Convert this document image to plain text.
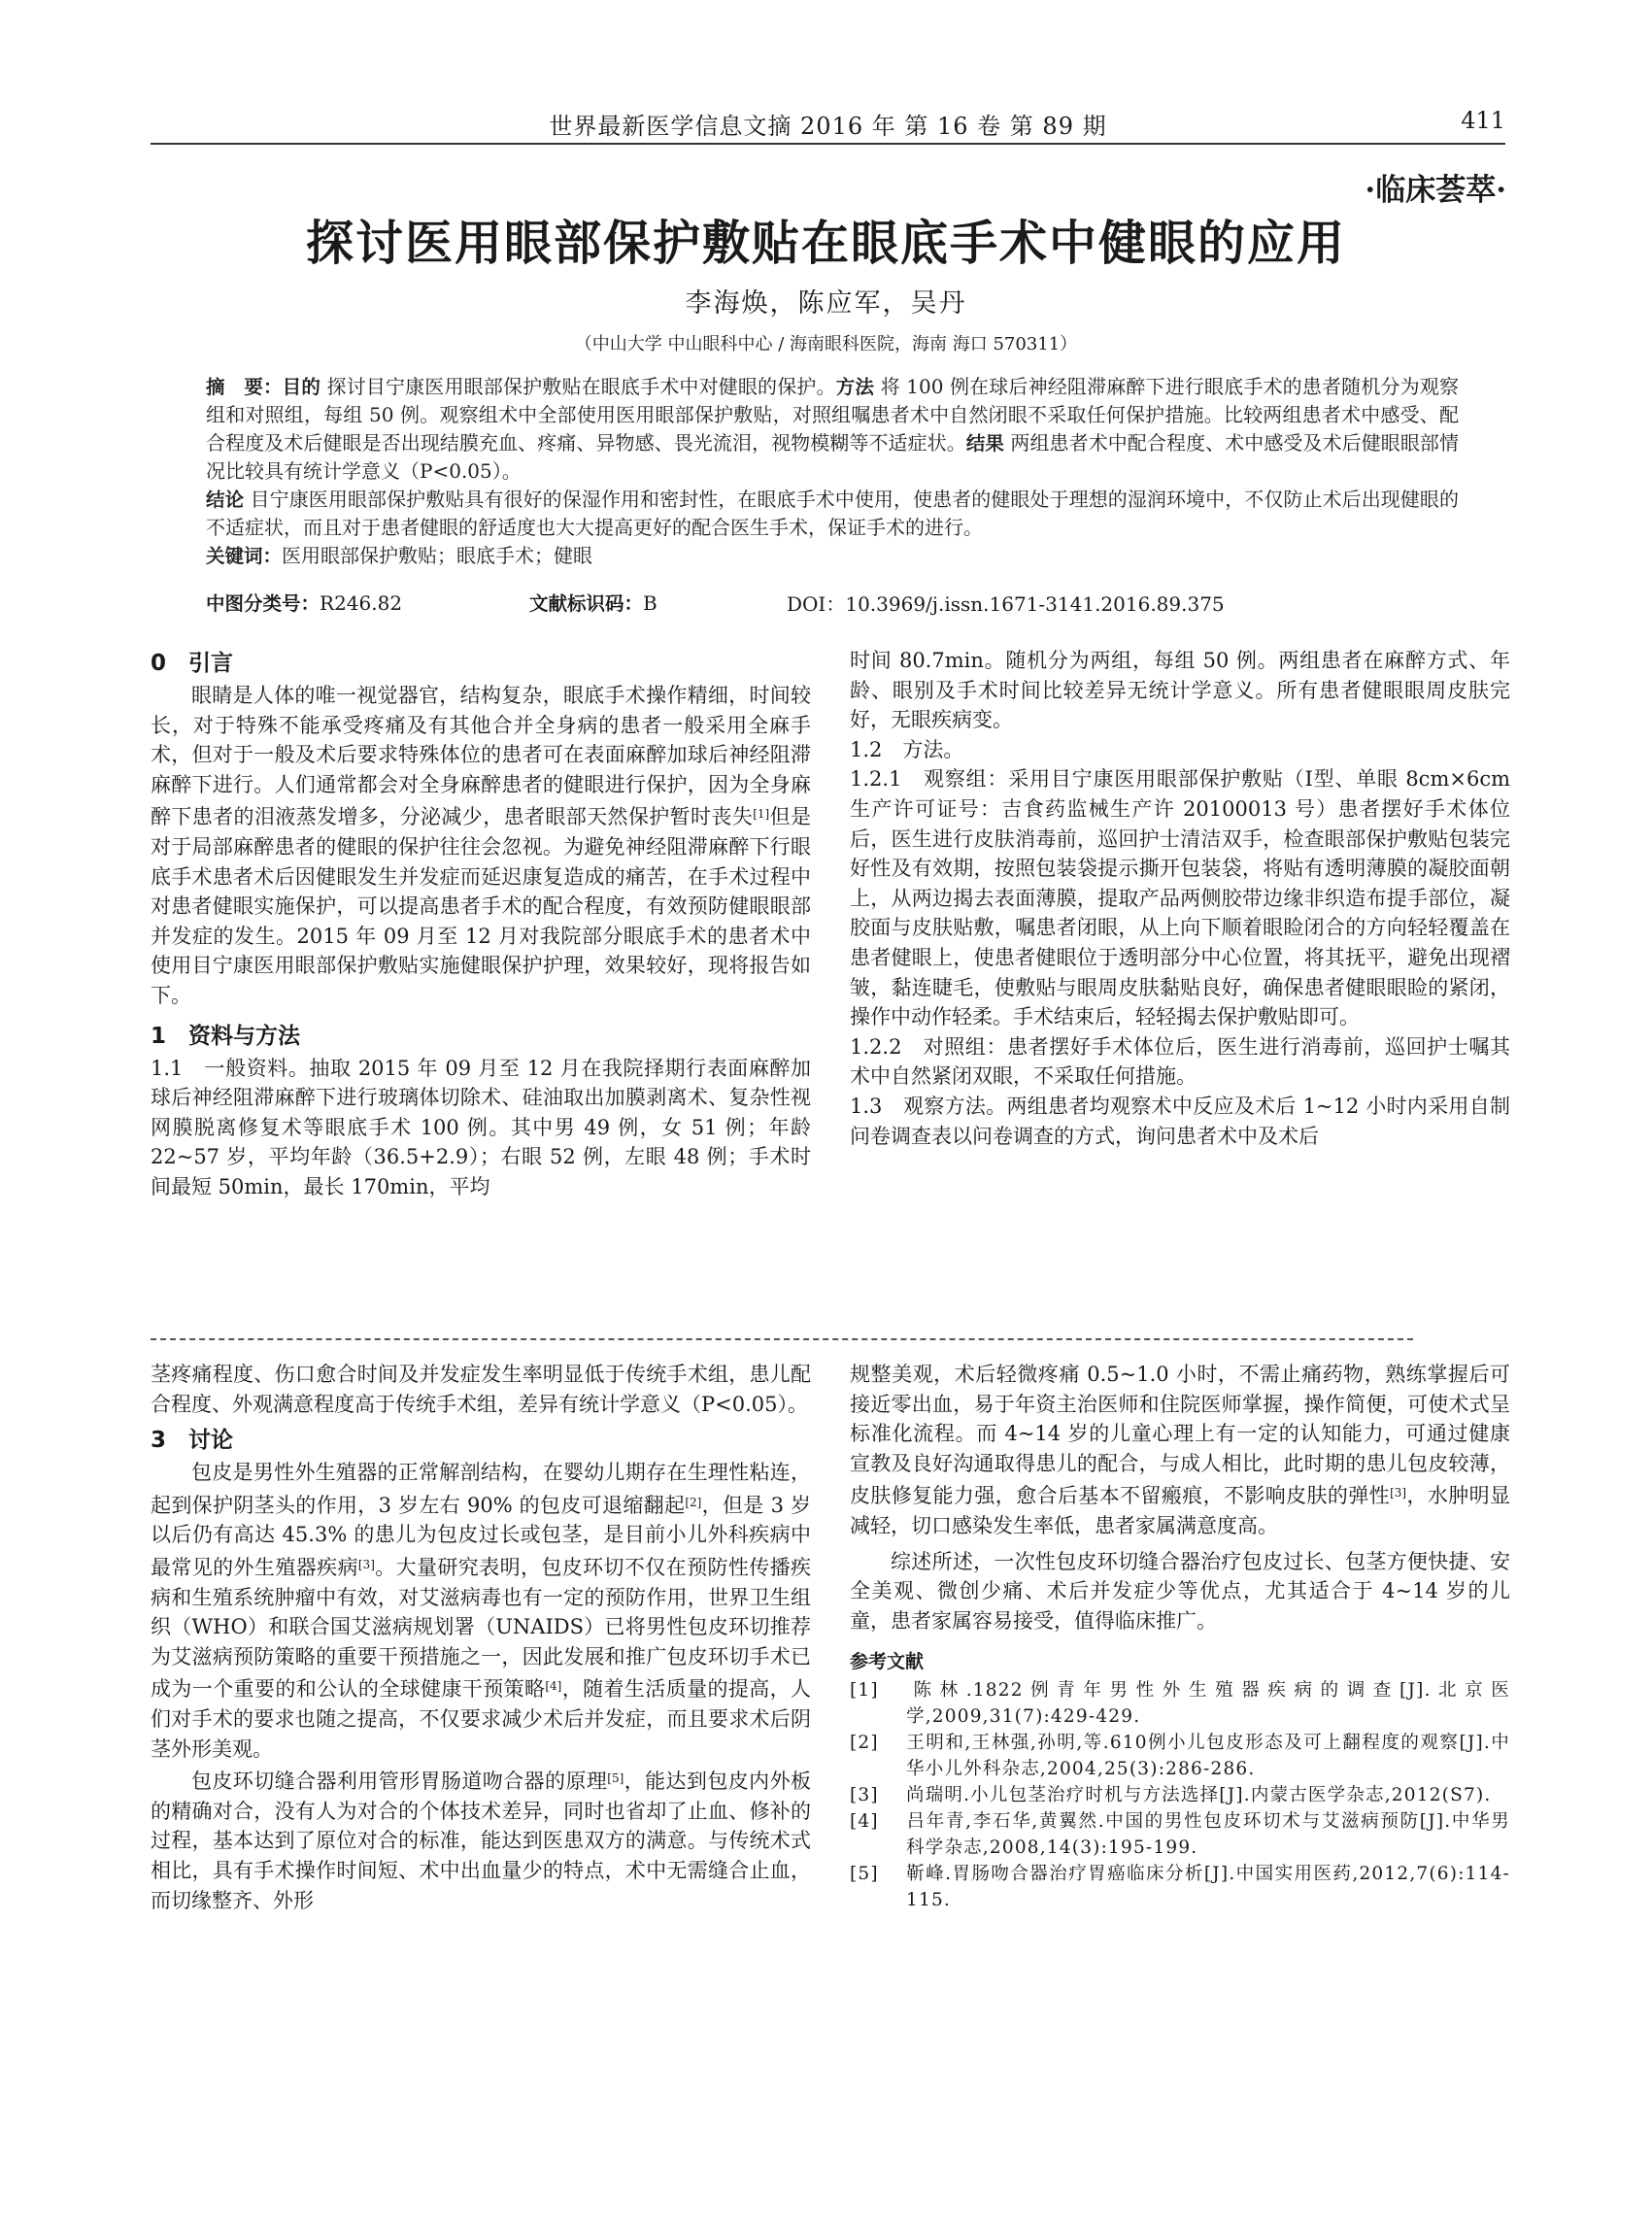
世界最新医学信息文摘 2016 年 第 16 卷 第 89 期	411
·临床荟萃·
探讨医用眼部保护敷贴在眼底手术中健眼的应用
李海焕，陈应军，吴丹
（中山大学 中山眼科中心 / 海南眼科医院，海南 海口 570311）

摘　要：目的 探讨目宁康医用眼部保护敷贴在眼底手术中对健眼的保护。方法 将 100 例在球后神经阻滞麻醉下进行眼底手术的患者随机分为观察组和对照组，每组 50 例。观察组术中全部使用医用眼部保护敷贴，对照组嘱患者术中自然闭眼不采取任何保护措施。比较两组患者术中感受、配合程度及术后健眼是否出现结膜充血、疼痛、异物感、畏光流泪，视物模糊等不适症状。结果 两组患者术中配合程度、术中感受及术后健眼眼部情况比较具有统计学意义（P<0.05）。

结论 目宁康医用眼部保护敷贴具有很好的保湿作用和密封性，在眼底手术中使用，使患者的健眼处于理想的湿润环境中，不仅防止术后出现健眼的不适症状，而且对于患者健眼的舒适度也大大提高更好的配合医生手术，保证手术的进行。

关键词：医用眼部保护敷贴；眼底手术；健眼

中图分类号：R246.82	文献标识码：B	DOI：10.3969/j.issn.1671-3141.2016.89.375
0　引言

眼睛是人体的唯一视觉器官，结构复杂，眼底手术操作精细，时间较长，对于特殊不能承受疼痛及有其他合并全身病的患者一般采用全麻手术，但对于一般及术后要求特殊体位的患者可在表面麻醉加球后神经阻滞麻醉下进行。人们通常都会对全身麻醉患者的健眼进行保护，因为全身麻醉下患者的泪液蒸发增多，分泌减少，患者眼部天然保护暂时丧失[1]但是对于局部麻醉患者的健眼的保护往往会忽视。为避免神经阻滞麻醉下行眼底手术患者术后因健眼发生并发症而延迟康复造成的痛苦，在手术过程中对患者健眼实施保护，可以提高患者手术的配合程度，有效预防健眼眼部并发症的发生。2015 年 09 月至 12 月对我院部分眼底手术的患者术中使用目宁康医用眼部保护敷贴实施健眼保护护理，效果较好，现将报告如下。

1　资料与方法

1.1　一般资料。抽取 2015 年 09 月至 12 月在我院择期行表面麻醉加球后神经阻滞麻醉下进行玻璃体切除术、硅油取出加膜剥离术、复杂性视网膜脱离修复术等眼底手术 100 例。其中男 49 例，女 51 例；年龄 22~57 岁，平均年龄（36.5+2.9）；右眼 52 例，左眼 48 例；手术时间最短 50min，最长 170min，平均

时间 80.7min。随机分为两组，每组 50 例。两组患者在麻醉方式、年龄、眼别及手术时间比较差异无统计学意义。所有患者健眼眼周皮肤完好，无眼疾病变。

1.2　方法。

1.2.1　观察组：采用目宁康医用眼部保护敷贴（Ⅰ型、单眼 8cm×6cm 生产许可证号：吉食药监械生产许 20100013 号）患者摆好手术体位后，医生进行皮肤消毒前，巡回护士清洁双手，检查眼部保护敷贴包装完好性及有效期，按照包装袋提示撕开包装袋，将贴有透明薄膜的凝胶面朝上，从两边揭去表面薄膜，提取产品两侧胶带边缘非织造布提手部位，凝胶面与皮肤贴敷，嘱患者闭眼，从上向下顺着眼睑闭合的方向轻轻覆盖在患者健眼上，使患者健眼位于透明部分中心位置，将其抚平，避免出现褶皱，黏连睫毛，使敷贴与眼周皮肤黏贴良好，确保患者健眼眼睑的紧闭，操作中动作轻柔。手术结束后，轻轻揭去保护敷贴即可。

1.2.2　对照组：患者摆好手术体位后，医生进行消毒前，巡回护士嘱其术中自然紧闭双眼，不采取任何措施。

1.3　观察方法。两组患者均观察术中反应及术后 1~12 小时内采用自制问卷调查表以问卷调查的方式，询问患者术中及术后

茎疼痛程度、伤口愈合时间及并发症发生率明显低于传统手术组，患儿配合程度、外观满意程度高于传统手术组，差异有统计学意义（P<0.05）。

3　讨论

包皮是男性外生殖器的正常解剖结构，在婴幼儿期存在生理性粘连，起到保护阴茎头的作用，3 岁左右 90% 的包皮可退缩翻起[2]，但是 3 岁以后仍有高达 45.3% 的患儿为包皮过长或包茎，是目前小儿外科疾病中最常见的外生殖器疾病[3]。大量研究表明，包皮环切不仅在预防性传播疾病和生殖系统肿瘤中有效，对艾滋病毒也有一定的预防作用，世界卫生组织（WHO）和联合国艾滋病规划署（UNAIDS）已将男性包皮环切推荐为艾滋病预防策略的重要干预措施之一，因此发展和推广包皮环切手术已成为一个重要的和公认的全球健康干预策略[4]，随着生活质量的提高，人们对手术的要求也随之提高，不仅要求减少术后并发症，而且要求术后阴茎外形美观。

包皮环切缝合器利用管形胃肠道吻合器的原理[5]，能达到包皮内外板的精确对合，没有人为对合的个体技术差异，同时也省却了止血、修补的过程，基本达到了原位对合的标准，能达到医患双方的满意。与传统术式相比，具有手术操作时间短、术中出血量少的特点，术中无需缝合止血，而切缘整齐、外形

规整美观，术后轻微疼痛 0.5~1.0 小时，不需止痛药物，熟练掌握后可接近零出血，易于年资主治医师和住院医师掌握，操作简便，可使术式呈标准化流程。而 4~14 岁的儿童心理上有一定的认知能力，可通过健康宣教及良好沟通取得患儿的配合，与成人相比，此时期的患儿包皮较薄，皮肤修复能力强，愈合后基本不留瘢痕，不影响皮肤的弹性[3]，水肿明显减轻，切口感染发生率低，患者家属满意度高。

综述所述，一次性包皮环切缝合器治疗包皮过长、包茎方便快捷、安全美观、微创少痛、术后并发症少等优点，尤其适合于 4~14 岁的儿童，患者家属容易接受，值得临床推广。

参考文献
[1] 陈林.1822例青年男性外生殖器疾病的调查[J].北京医学,2009,31(7):429-429.
[2] 王明和,王林强,孙明,等.610例小儿包皮形态及可上翻程度的观察[J].中华小儿外科杂志,2004,25(3):286-286.
[3] 尚瑞明.小儿包茎治疗时机与方法选择[J].内蒙古医学杂志,2012(S7).
[4] 吕年青,李石华,黄翼然.中国的男性包皮环切术与艾滋病预防[J].中华男科学杂志,2008,14(3):195-199.
[5] 靳峰.胃肠吻合器治疗胃癌临床分析[J].中国实用医药,2012,7(6):114-115.
